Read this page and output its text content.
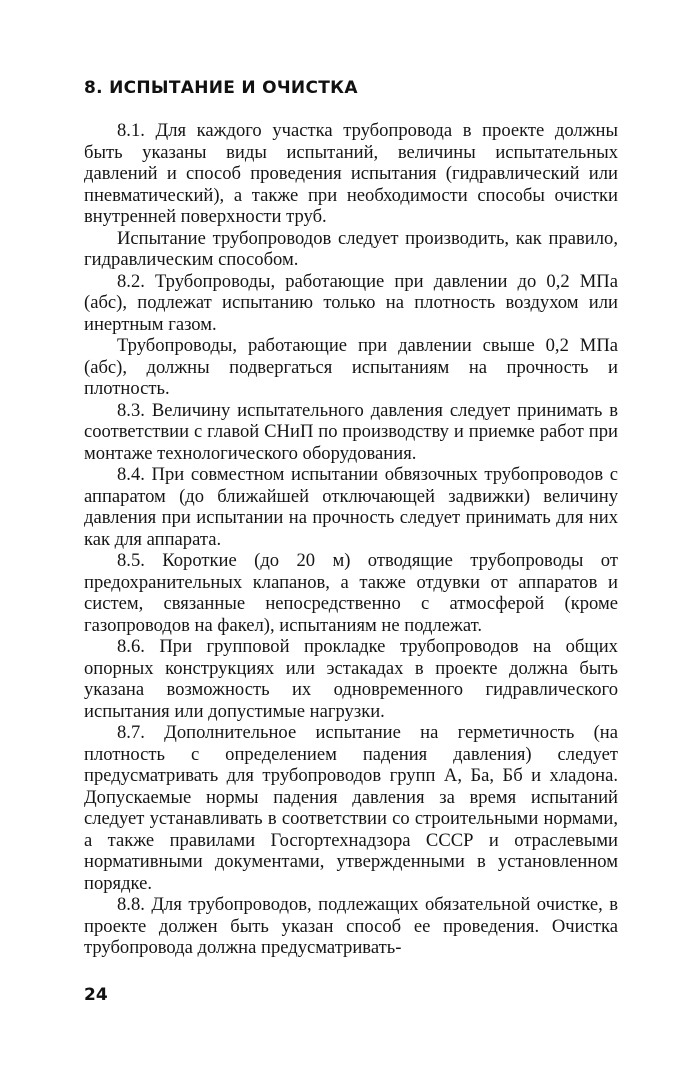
8. ИСПЫТАНИЕ И ОЧИСТКА

8.1. Для каждого участка трубопровода в проекте должны быть указаны виды испытаний, величины испытательных давлений и способ проведения испытания (гидравлический или пневматический), а также при необходимости способы очистки внутренней поверхности труб.

Испытание трубопроводов следует производить, как правило, гидравлическим способом.

8.2. Трубопроводы, работающие при давлении до 0,2 МПа (абс), подлежат испытанию только на плотность воздухом или инертным газом.

Трубопроводы, работающие при давлении свыше 0,2 МПа (абс), должны подвергаться испытаниям на прочность и плотность.

8.3. Величину испытательного давления следует принимать в соответствии с главой СНиП по производству и приемке работ при монтаже технологического оборудования.

8.4. При совместном испытании обвязочных трубопроводов с аппаратом (до ближайшей отключающей задвижки) величину давления при испытании на прочность следует принимать для них как для аппарата.

8.5. Короткие (до 20 м) отводящие трубопроводы от предохранительных клапанов, а также отдувки от аппаратов и систем, связанные непосредственно с атмосферой (кроме газопроводов на факел), испытаниям не подлежат.

8.6. При групповой прокладке трубопроводов на общих опорных конструкциях или эстакадах в проекте должна быть указана возможность их одновременного гидравлического испытания или допустимые нагрузки.

8.7. Дополнительное испытание на герметичность (на плотность с определением падения давления) следует предусматривать для трубопроводов групп А, Ба, Бб и хладона. Допускаемые нормы падения давления за время испытаний следует устанавливать в соответствии со строительными нормами, а также правилами Госгортехнадзора СССР и отраслевыми нормативными документами, утвержденными в установленном порядке.

8.8. Для трубопроводов, подлежащих обязательной очистке, в проекте должен быть указан способ ее проведения. Очистка трубопровода должна предусматривать-

24
